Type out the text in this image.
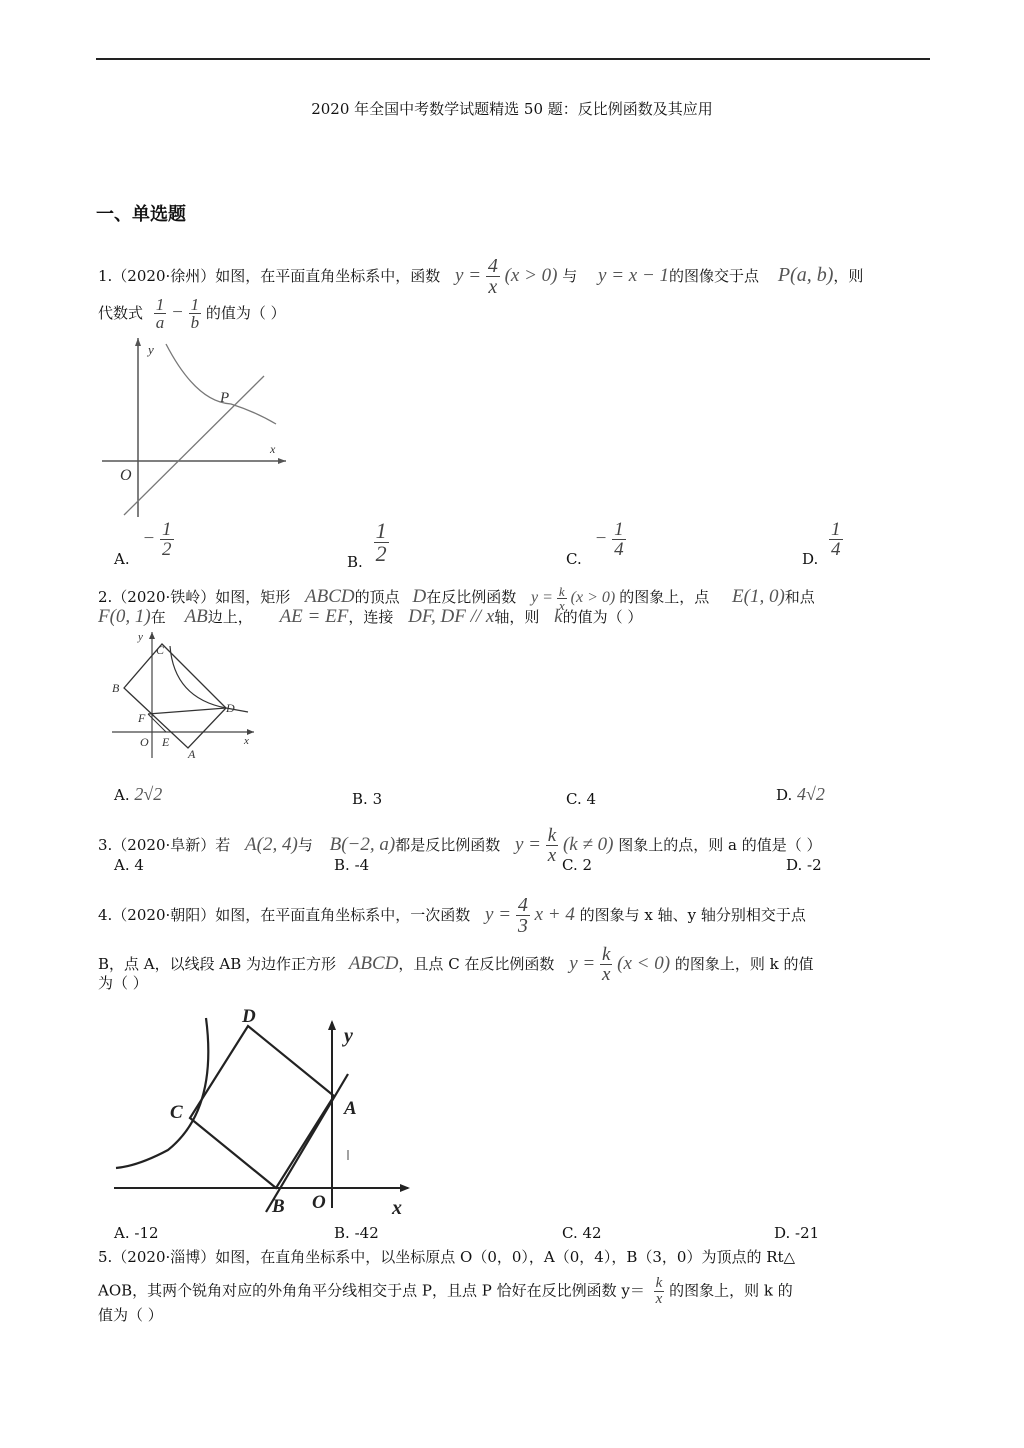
2020 年全国中考数学试题精选 50 题：反比例函数及其应用
一、单选题
1.（2020·徐州）如图，在平面直角坐标系中，函数 $y = \frac{4}{x} (x > 0)$ 与 y = x − 1的图像交于点 P(a, b)，则
代数式 $\frac{1}{a} - \frac{1}{b}$ 的值为（ ）
y
x
O
P
A. − $\frac{1}{2}$
B. $\frac{1}{2}$	C. − $\frac{1}{4}$	D. $\frac{1}{4}$
2.（2020·铁岭）如图，矩形 ABCD的顶点 D在反比例函数 $y = \frac{k}{x} (x > 0)$ 的图象上，点 E(1, 0)和点
F(0, 1)在 AB边上， AE = EF，连接 DF, DF // x轴，则 k的值为（ ）
y
x
O
A
B
C
D
E
F
A. 2√2	B. 3	C. 4	D. 4√2
3.（2020·阜新）若 A(2, 4)与 B(−2, a)都是反比例函数 $y = \frac{k}{x} (k \ne 0)$ 图象上的点，则 a 的值是（ ）
A. 4	B. -4	C. 2	D. -2
4.（2020·朝阳）如图，在平面直角坐标系中，一次函数 $y = \frac{4}{3}$ x + 4 的图象与 x 轴、y 轴分别相交于点
B，点 A，以线段 AB 为边作正方形 ABCD，且点 C 在反比例函数 $y = \frac{k}{x} (x < 0)$ 的图象上，则 k 的值
为（ ）
y
x
O
A
B
C
D
A. -12	B. -42	C. 42	D. -21
5.（2020·淄博）如图，在直角坐标系中，以坐标原点 O（0，0），A（0，4），B（3，0）为顶点的 Rt△
AOB，其两个锐角对应的外角角平分线相交于点 P，且点 P 恰好在反比例函数 $y= \frac{k}{x}$ 的图象上，则 k 的
值为（ ）
